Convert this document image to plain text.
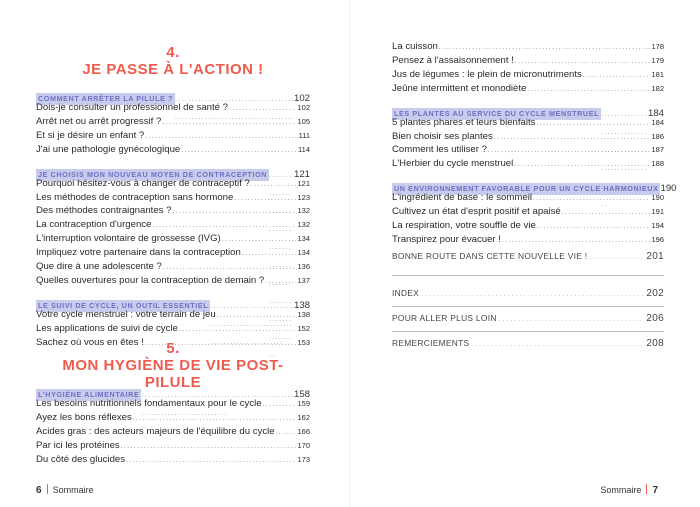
4.
JE PASSE À L'ACTION !
COMMENT ARRÊTER LA PILULE ? . . .	102
Dois-je consulter un professionnel de santé ? . . .	102
Arrêt net ou arrêt progressif ? . . .	105
Et si je désire un enfant ? . . .	111
J'ai une pathologie gynécologique . . .	114
JE CHOISIS MON NOUVEAU MOYEN DE CONTRACEPTION . . .	121
Pourquoi hésitez-vous à changer de contraceptif ? . . .	121
Les méthodes de contraception sans hormone . . .	123
Des méthodes contraignantes ? . . .	132
La contraception d'urgence . . .	132
L'interruption volontaire de grossesse (IVG) . . .	134
Impliquez votre partenaire dans la contraception . . .	134
Que dire à une adolescente ? . . .	136
Quelles ouvertures pour la contraception de demain ? . . .	137
LE SUIVI DE CYCLE, UN OUTIL ESSENTIEL . . .	138
Votre cycle menstruel : votre terrain de jeu . . .	138
Les applications de suivi de cycle . . .	152
Sachez où vous en êtes ! . . .	153
5.
MON HYGIÈNE DE VIE POST-PILULE
L'HYGIÈNE ALIMENTAIRE . . .	158
Les besoins nutritionnels fondamentaux pour le cycle . . .	159
Ayez les bons réflexes . . .	162
Acides gras : des acteurs majeurs de l'équilibre du cycle . . .	166
Par ici les protéines . . .	170
Du côté des glucides . . .	173
6 Sommaire
La cuisson . . .	178
Pensez à l'assaisonnement ! . . .	179
Jus de légumes : le plein de micronutriments . . .	181
Jeûne intermittent et monodiète . . .	182
LES PLANTES AU SERVICE DU CYCLE MENSTRUEL . . .	184
5 plantes phares et leurs bienfaits . . .	184
Bien choisir ses plantes . . .	186
Comment les utiliser ? . . .	187
L'Herbier du cycle menstruel . . .	188
UN ENVIRONNEMENT FAVORABLE POUR UN CYCLE HARMONIEUX 190
L'ingrédient de base : le sommeil . . .	190
Cultivez un état d'esprit positif et apaisé . . .	191
La respiration, votre souffle de vie . . .	194
Transpirez pour évacuer ! . . .	196
BONNE ROUTE DANS CETTE NOUVELLE VIE ! . . .	201
INDEX . . .	202
POUR ALLER PLUS LOIN . . .	206
REMERCIEMENTS . . .	208
Sommaire 7
